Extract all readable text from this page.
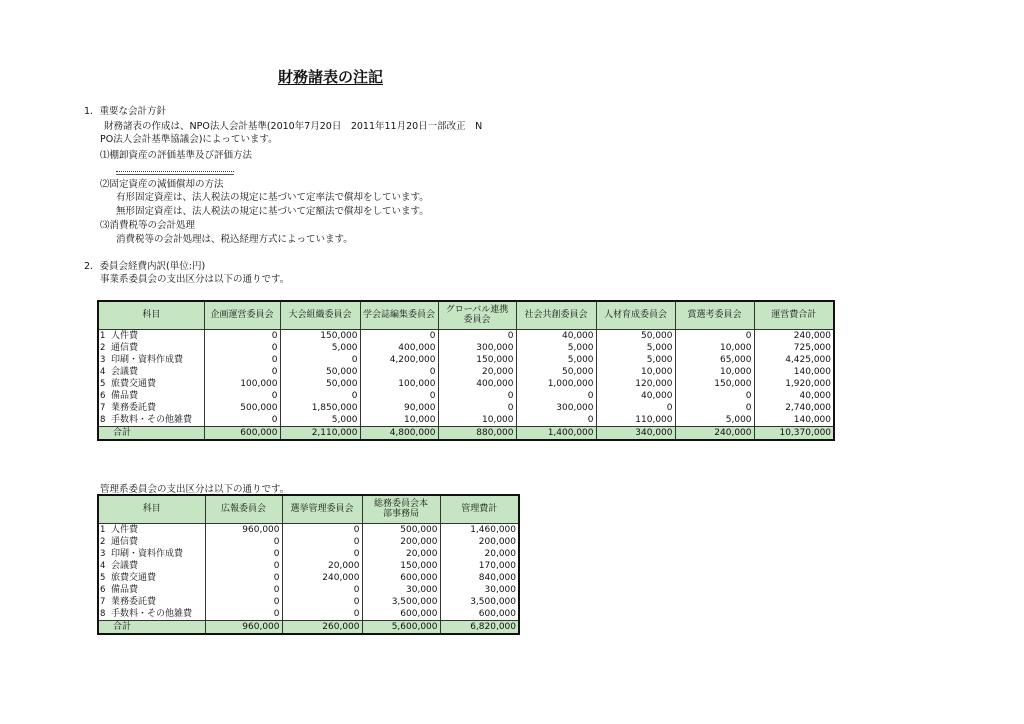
財務諸表の注記
1．重要な会計方針
財務諸表の作成は、NPO法人会計基準(2010年7月20日　2011年11月20日一部改正　N
PO法人会計基準協議会)によっています。
⑴棚卸資産の評価基準及び評価方法
⑵固定資産の減価償却の方法
有形固定資産は、法人税法の規定に基づいて定率法で償却をしています。
無形固定資産は、法人税法の規定に基づいて定額法で償却をしています。
⑶消費税等の会計処理
消費税等の会計処理は、税込経理方式によっています。
2．委員会経費内訳(単位:円)
事業系委員会の支出区分は以下の通りです。
管理系委員会の支出区分は以下の通りです。
科目		企画運営委員会	大会組織委員会	学会誌編集委員会	グローバル連携委員会	社会共創委員会	人材育成委員会	賞選考委員会	運営費合計
1	人件費	0	150,000	0	0	40,000	50,000	0	240,000
2	通信費	0	5,000	400,000	300,000	5,000	5,000	10,000	725,000
3	印刷・資料作成費	0	0	4,200,000	150,000	5,000	5,000	65,000	4,425,000
4	会議費	0	50,000	0	20,000	50,000	10,000	10,000	140,000
5	旅費交通費	100,000	50,000	100,000	400,000	1,000,000	120,000	150,000	1,920,000
6	備品費	0	0	0	0	0	40,000	0	40,000
7	業務委託費	500,000	1,850,000	90,000	0	300,000	0	0	2,740,000
8	手数料・その他雑費	0	5,000	10,000	10,000	0	110,000	5,000	140,000
合計		600,000	2,110,000	4,800,000	880,000	1,400,000	340,000	240,000	10,370,000
科目		広報委員会	選挙管理委員会	総務委員会本部事務局	管理費計
1	人件費	960,000	0	500,000	1,460,000
2	通信費	0	0	200,000	200,000
3	印刷・資料作成費	0	0	20,000	20,000
4	会議費	0	20,000	150,000	170,000
5	旅費交通費	0	240,000	600,000	840,000
6	備品費	0	0	30,000	30,000
7	業務委託費	0	0	3,500,000	3,500,000
8	手数料・その他雑費	0	0	600,000	600,000
合計		960,000	260,000	5,600,000	6,820,000
